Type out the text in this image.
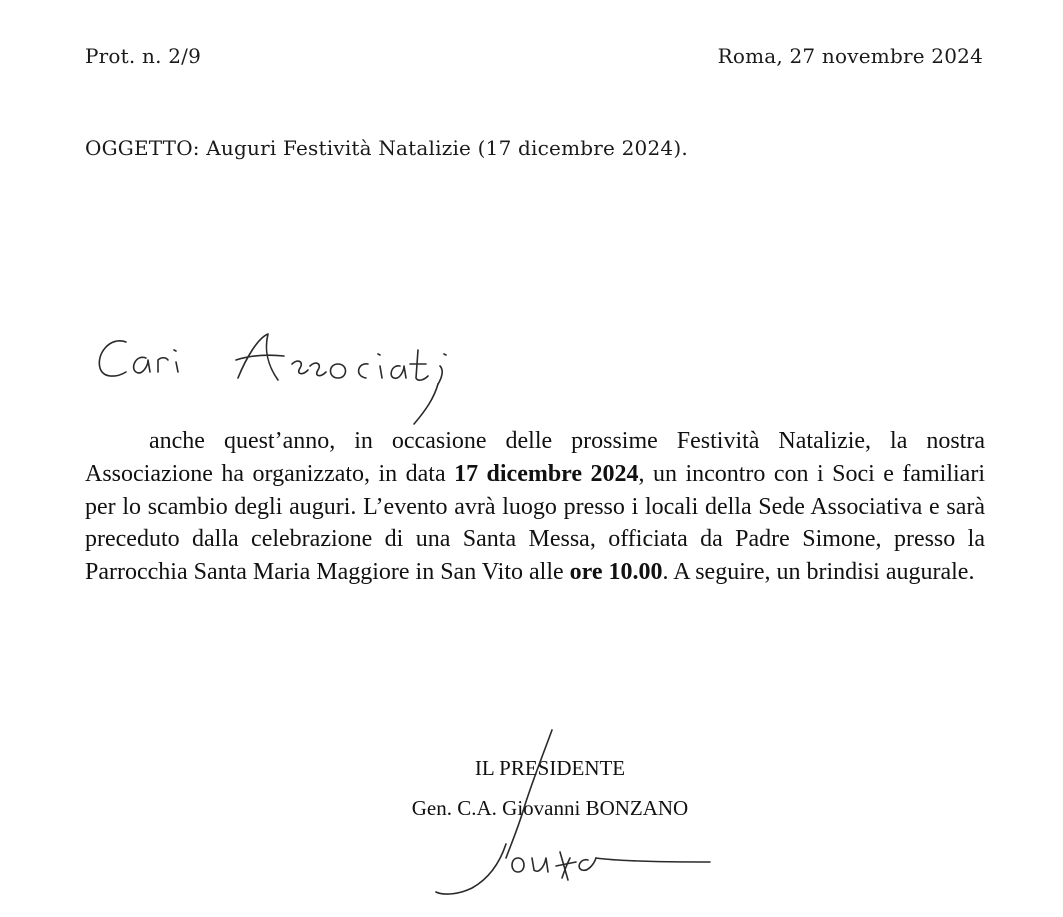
Prot. n. 2/9	Roma, 27 novembre 2024
OGGETTO: Auguri Festività Natalizie (17 dicembre 2024).

anche quest’anno, in occasione delle prossime Festività Natalizie, la nostra Associazione ha organizzato, in data 17 dicembre 2024, un incontro con i Soci e familiari per lo scambio degli auguri. L’evento avrà luogo presso i locali della Sede Associativa e sarà preceduto dalla celebrazione di una Santa Messa, officiata da Padre Simone, presso la Parrocchia Santa Maria Maggiore in San Vito alle ore 10.00. A seguire, un brindisi augurale.

IL PRESIDENTE
Gen. C.A. Giovanni BONZANO
